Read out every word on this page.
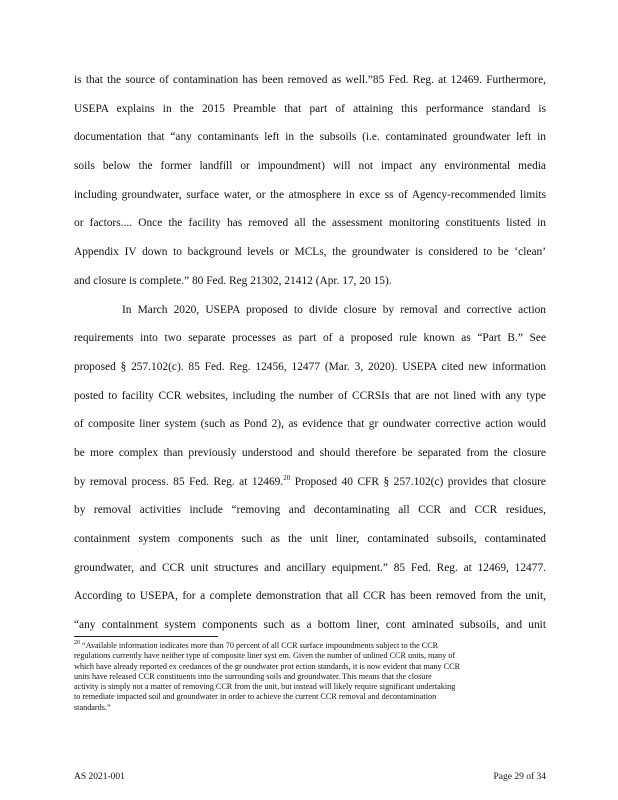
is that the source of contamination has been removed as well.”85 Fed. Reg. at 12469. Furthermore,
USEPA explains in the 2015 Preamble that part of attaining this performance standard is
documentation that “any contaminants left in the subsoils (i.e. contaminated groundwater left in
soils below the former landfill or impoundment) will not impact any environmental media
including groundwater, surface water, or the atmosphere in exce ss of Agency-recommended limits
or factors.... Once the facility has removed all the assessment monitoring constituents listed in
Appendix IV down to background levels or MCLs, the groundwater is considered to be ‘clean’
and closure is complete.” 80 Fed. Reg 21302, 21412 (Apr. 17, 20 15).
In March 2020, USEPA proposed to divide closure by removal and corrective action
requirements into two separate processes as part of a proposed rule known as “Part B.” See
proposed § 257.102(c). 85 Fed. Reg. 12456, 12477 (Mar. 3, 2020). USEPA cited new information
posted to facility CCR websites, including the number of CCRSIs that are not lined with any type
of composite liner system (such as Pond 2), as evidence that gr oundwater corrective action would
be more complex than previously understood and should therefore be separated from the closure
by removal process. 85 Fed. Reg. at 12469.20 Proposed 40 CFR § 257.102(c) provides that closure
by removal activities include “removing and decontaminating all CCR and CCR residues,
containment system components such as the unit liner, contaminated subsoils, contaminated
groundwater, and CCR unit structures and ancillary equipment.” 85 Fed. Reg. at 12469, 12477.
According to USEPA, for a complete demonstration that all CCR has been removed from the unit,
“any containment system components such as a bottom liner, cont aminated subsoils, and unit
$^{20}$ “Available information indicates more than 70 percent of all CCR surface impoundments subject to the CCR
regulations currently have neither type of composite liner syst em. Given the number of unlined CCR units, many of
which have already reported ex ceedances of the gr oundwater prot ection standards, it is now evident that many CCR
units have released CCR constituents into the surrounding soils and groundwater. This means that the closure
activity is simply not a matter of removing CCR from the unit, but instead will likely require significant undertaking
to remediate impacted soil and groundwater in order to achieve the current CCR removal and decontamination
standards.”
AS 2021-001	Page 29 of 34
